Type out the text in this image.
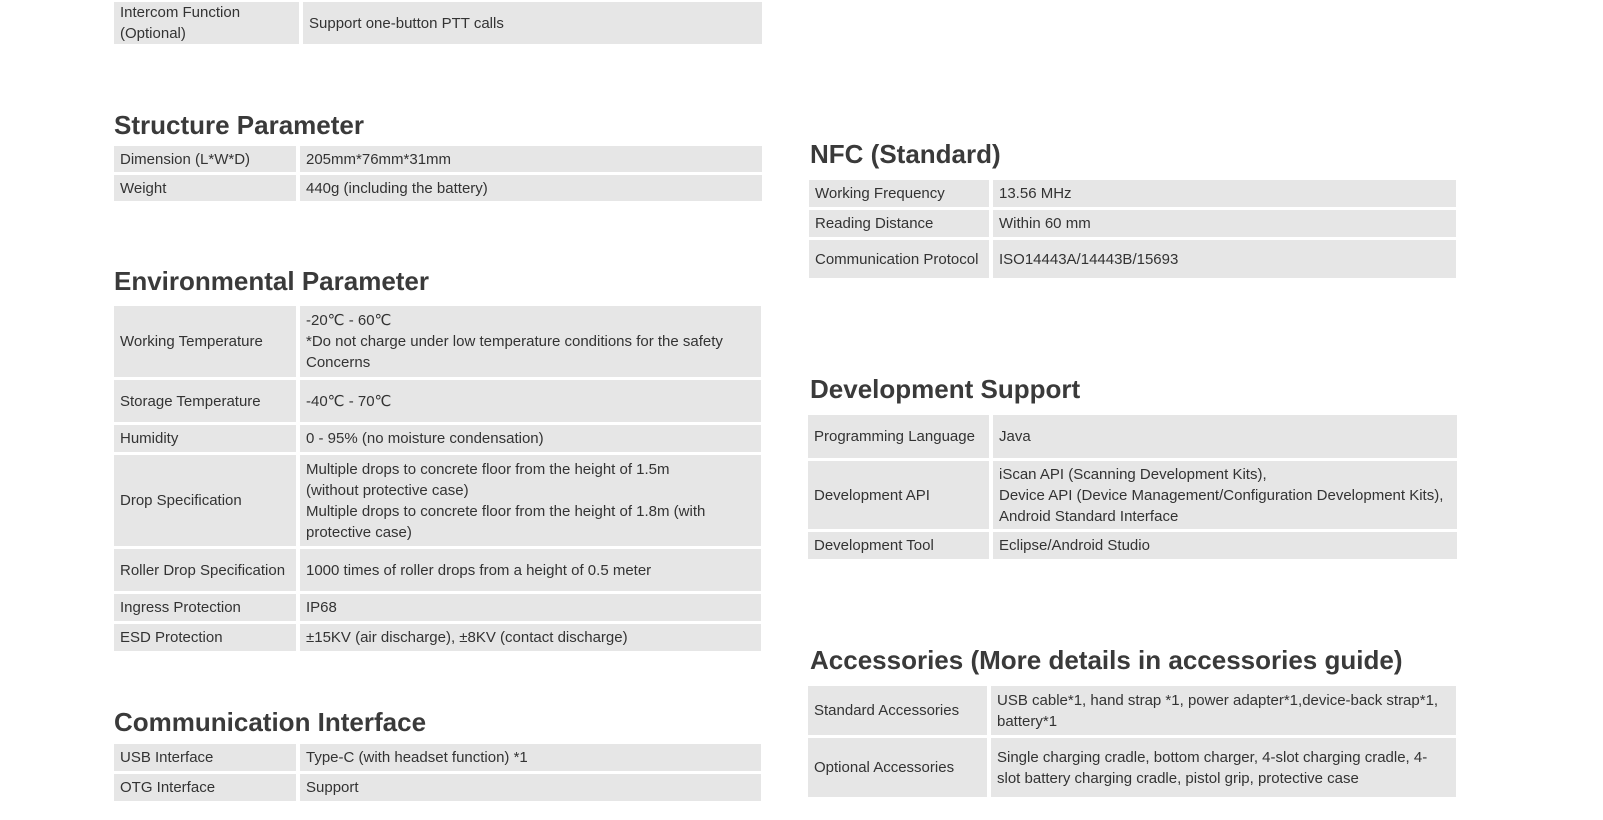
Intercom Function (Optional)	Support one-button PTT calls
Structure Parameter
Dimension (L*W*D)	205mm*76mm*31mm
Weight	440g (including the battery)
Environmental Parameter
Working Temperature	-20℃ - 60℃
*Do not charge under low temperature conditions for the safety Concerns

Storage Temperature	-40℃ - 70℃
Humidity	0 - 95% (no moisture condensation)
Drop Specification	Multiple drops to concrete floor from the height of 1.5m (without protective case)
Multiple drops to concrete floor from the height of 1.8m (with protective case)

Roller Drop Specification	1000 times of roller drops from a height of 0.5 meter
Ingress Protection	IP68
ESD Protection	±15KV (air discharge), ±8KV (contact discharge)
Communication Interface
USB Interface	Type-C (with headset function) *1
OTG Interface	Support
NFC (Standard)
Working Frequency	13.56 MHz
Reading Distance	Within 60 mm
Communication Protocol	ISO14443A/14443B/15693
Development Support
Programming Language	Java
Development API	iScan API (Scanning Development Kits),
Device API (Device Management/Configuration Development Kits), Android Standard Interface

Development Tool	Eclipse/Android Studio
Accessories (More details in accessories guide)
Standard Accessories	USB cable*1, hand strap *1, power adapter*1,device-back strap*1, battery*1
Optional Accessories	Single charging cradle, bottom charger, 4-slot charging cradle, 4-slot battery charging cradle, pistol grip, protective case
